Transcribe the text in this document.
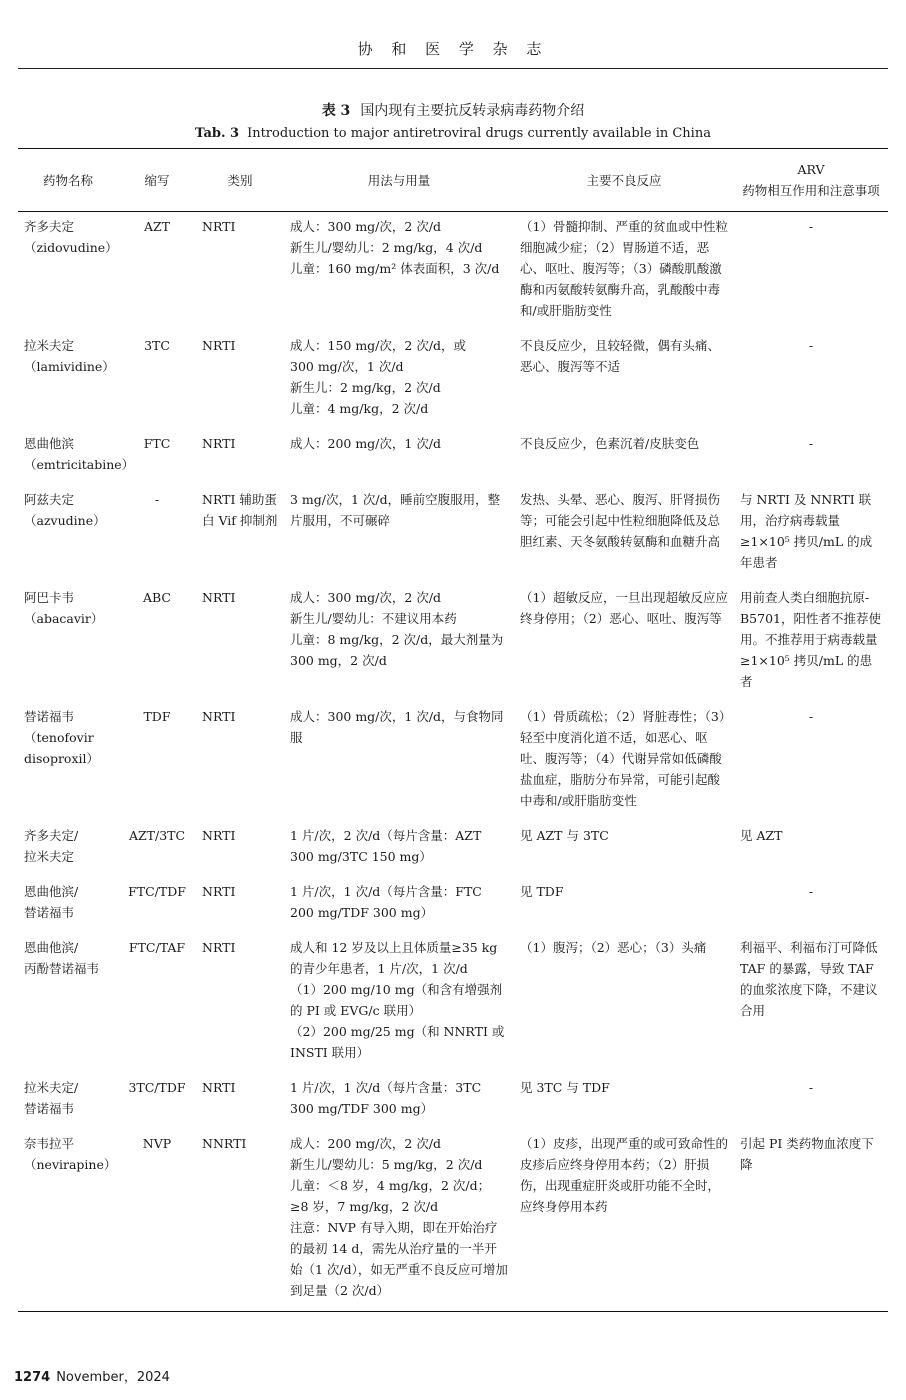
协 和 医 学 杂 志
表 3 国内现有主要抗反转录病毒药物介绍
Tab. 3 Introduction to major antiretroviral drugs currently available in China
药物名称	缩写	类别	用法与用量	主要不良反应	ARV
药物相互作用和注意事项
齐多夫定
（zidovudine）	AZT	NRTI	成人：300 mg/次，2 次/d
新生儿/婴幼儿：2 mg/kg，4 次/d
儿童：160 mg/m² 体表面积，3 次/d	（1）骨髓抑制、严重的贫血或中性粒细胞减少症；（2）胃肠道不适，恶心、呕吐、腹泻等；（3）磷酸肌酸激酶和丙氨酸转氨酶升高，乳酸酸中毒和/或肝脂肪变性	-
拉米夫定
（lamividine）	3TC	NRTI	成人：150 mg/次，2 次/d，或
300 mg/次，1 次/d
新生儿：2 mg/kg，2 次/d
儿童：4 mg/kg，2 次/d	不良反应少，且较轻微，偶有头痛、恶心、腹泻等不适	-
恩曲他滨
（emtricitabine）	FTC	NRTI	成人：200 mg/次，1 次/d	不良反应少，色素沉着/皮肤变色	-
阿兹夫定
（azvudine）	-	NRTI 辅助蛋白 Vif 抑制剂	3 mg/次，1 次/d，睡前空腹服用，整片服用，不可碾碎	发热、头晕、恶心、腹泻、肝肾损伤等；可能会引起中性粒细胞降低及总胆红素、天冬氨酸转氨酶和血糖升高	与 NRTI 及 NNRTI 联用，治疗病毒载量≥1×10⁵ 拷贝/mL 的成年患者
阿巴卡韦
（abacavir）	ABC	NRTI	成人：300 mg/次，2 次/d
新生儿/婴幼儿：不建议用本药
儿童：8 mg/kg，2 次/d，最大剂量为 300 mg，2 次/d	（1）超敏反应，一旦出现超敏反应应终身停用；（2）恶心、呕吐、腹泻等	用前查人类白细胞抗原-B5701，阳性者不推荐使用。不推荐用于病毒载量≥1×10⁵ 拷贝/mL 的患者
替诺福韦
（tenofovir disoproxil）	TDF	NRTI	成人：300 mg/次，1 次/d，与食物同服	（1）骨质疏松；（2）肾脏毒性；（3）轻至中度消化道不适，如恶心、呕吐、腹泻等；（4）代谢异常如低磷酸盐血症，脂肪分布异常，可能引起酸中毒和/或肝脂肪变性	-
齐多夫定/
拉米夫定	AZT/3TC	NRTI	1 片/次，2 次/d（每片含量：AZT 300 mg/3TC 150 mg）	见 AZT 与 3TC	见 AZT
恩曲他滨/
替诺福韦	FTC/TDF	NRTI	1 片/次，1 次/d（每片含量：FTC 200 mg/TDF 300 mg）	见 TDF	-
恩曲他滨/
丙酚替诺福韦	FTC/TAF	NRTI	成人和 12 岁及以上且体质量≥35 kg 的青少年患者，1 片/次，1 次/d
（1）200 mg/10 mg（和含有增强剂的 PI 或 EVG/c 联用）
（2）200 mg/25 mg（和 NNRTI 或 INSTI 联用）	（1）腹泻；（2）恶心；（3）头痛	利福平、利福布汀可降低 TAF 的暴露，导致 TAF 的血浆浓度下降，不建议合用
拉米夫定/
替诺福韦	3TC/TDF	NRTI	1 片/次，1 次/d（每片含量：3TC 300 mg/TDF 300 mg）	见 3TC 与 TDF	-
奈韦拉平
（nevirapine）	NVP	NNRTI	成人：200 mg/次，2 次/d
新生儿/婴幼儿：5 mg/kg，2 次/d
儿童：＜8 岁，4 mg/kg，2 次/d；≥8 岁，7 mg/kg，2 次/d
注意：NVP 有导入期，即在开始治疗的最初 14 d，需先从治疗量的一半开始（1 次/d），如无严重不良反应可增加到足量（2 次/d）	（1）皮疹，出现严重的或可致命性的皮疹后应终身停用本药；（2）肝损伤，出现重症肝炎或肝功能不全时，应终身停用本药	引起 PI 类药物血浓度下降
1274 November，2024
